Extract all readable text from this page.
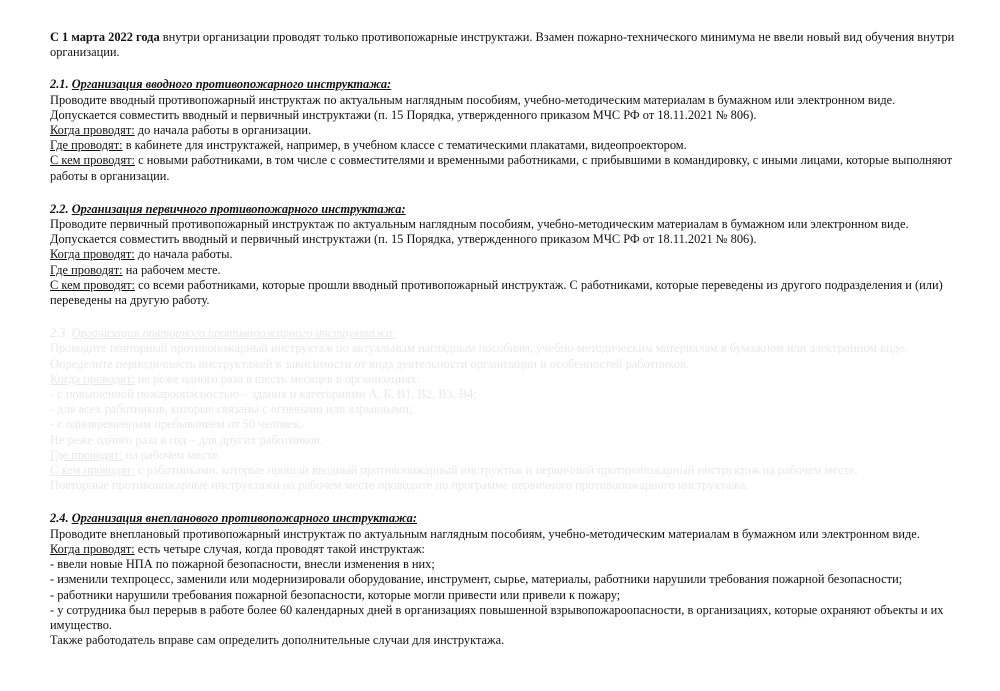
С 1 марта 2022 года внутри организации проводят только противопожарные инструктажи. Взамен пожарно-технического минимума не ввели новый вид обучения внутри организации.

2.1. Организация вводного противопожарного инструктажа:

Проводите вводный противопожарный инструктаж по актуальным наглядным пособиям, учебно-методическим материалам в бумажном или электронном виде. Допускается совместить вводный и первичный инструктажи (п. 15 Порядка, утвержденного приказом МЧС РФ от 18.11.2021 № 806).

Когда проводят: до начала работы в организации.

Где проводят: в кабинете для инструктажей, например, в учебном классе с тематическими плакатами, видеопроектором.

С кем проводят: с новыми работниками, в том числе с совместителями и временными работниками, с прибывшими в командировку, с иными лицами, которые выполняют работы в организации.

2.2. Организация первичного противопожарного инструктажа:

Проводите первичный противопожарный инструктаж по актуальным наглядным пособиям, учебно-методическим материалам в бумажном или электронном виде. Допускается совместить вводный и первичный инструктажи (п. 15 Порядка, утвержденного приказом МЧС РФ от 18.11.2021 № 806).

Когда проводят: до начала работы.

Где проводят: на рабочем месте.

С кем проводят: со всеми работниками, которые прошли вводный противопожарный инструктаж. С работниками, которые переведены из другого подразделения и (или) переведены на другую работу.

2.3. Организация повторного противопожарного инструктажа:

Проводите повторный противопожарный инструктаж по актуальным наглядным пособиям, учебно-методическим материалам в бумажном или электронном виде. Определите периодичность инструктажей в зависимости от вида деятельности организации и особенностей работников.

Когда проводят: не реже одного раза в шесть месяцев в организациях:

- с повышенной пожароопасностью – здания и категориями А, Б, В1, В2, В3, В4;

- для всех работников, которые связаны с огневыми или взрывными;

- с одновременным пребыванием от 50 человек.

Не реже одного раза в год – для других работников.

Где проводят: на рабочем месте.

С кем проводят: с работниками, которые прошли вводный противопожарный инструктаж и первичный противопожарный инструктаж на рабочем месте.

Повторные противопожарные инструктажи на рабочем месте проводите по программе первичного противопожарного инструктажа.

2.4. Организация внепланового противопожарного инструктажа:

Проводите внеплановый противопожарный инструктаж по актуальным наглядным пособиям, учебно-методическим материалам в бумажном или электронном виде.

Когда проводят: есть четыре случая, когда проводят такой инструктаж:

- ввели новые НПА по пожарной безопасности, внесли изменения в них;

- изменили техпроцесс, заменили или модернизировали оборудование, инструмент, сырье, материалы, работники нарушили требования пожарной безопасности;

- работники нарушили требования пожарной безопасности, которые могли привести или привели к пожару;

- у сотрудника был перерыв в работе более 60 календарных дней в организациях повышенной взрывопожароопасности, в организациях, которые охраняют объекты и их имущество.

Также работодатель вправе сам определить дополнительные случаи для инструктажа.
